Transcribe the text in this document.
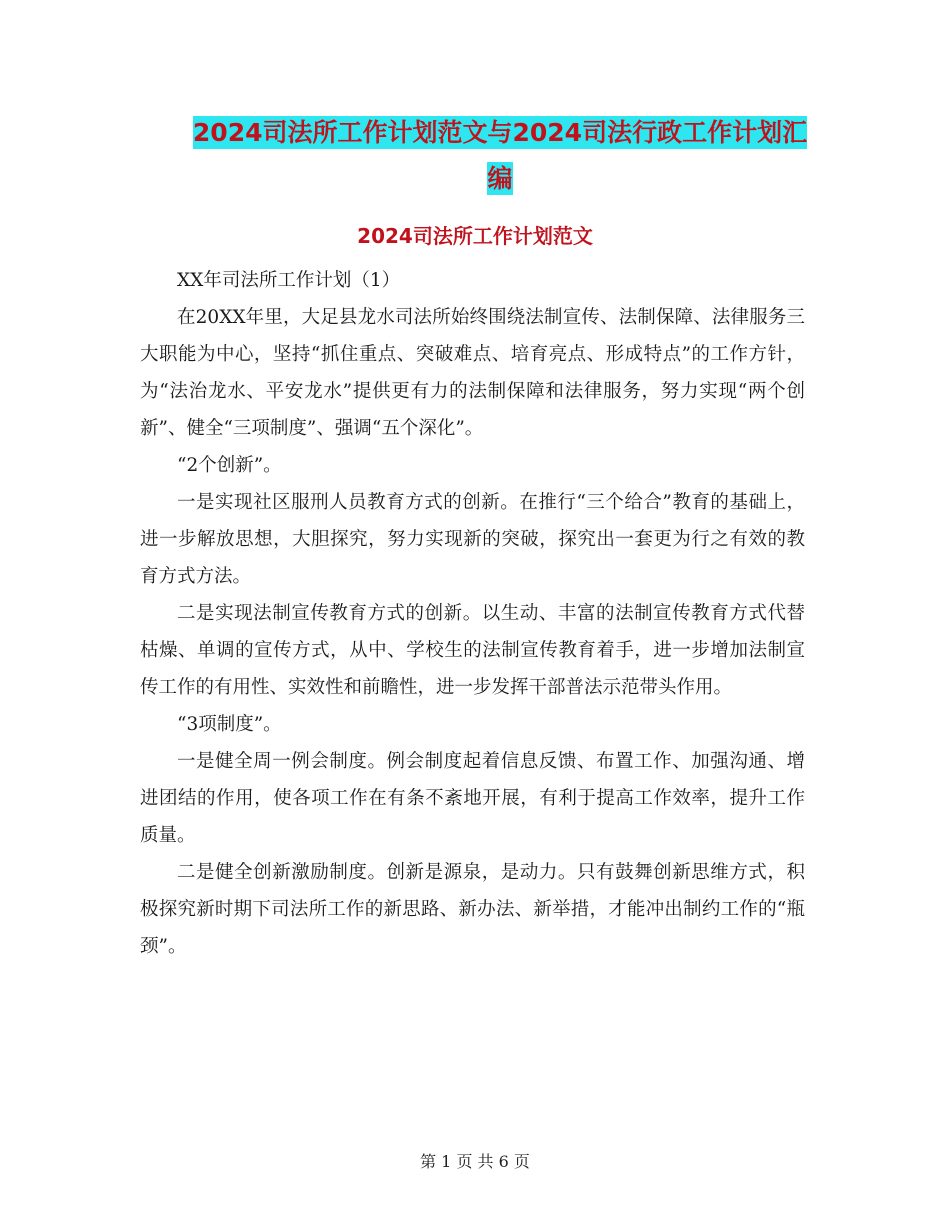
2024司法所工作计划范文与2024司法行政工作计划汇
编
2024司法所工作计划范文

XX年司法所工作计划（1）

在20XX年里，大足县龙水司法所始终围绕法制宣传、法制保障、法律服务三大职能为中心，坚持“抓住重点、突破难点、培育亮点、形成特点”的工作方针，为“法治龙水、平安龙水”提供更有力的法制保障和法律服务，努力实现“两个创新”、健全“三项制度”、强调“五个深化”。

“2个创新”。

一是实现社区服刑人员教育方式的创新。在推行“三个给合”教育的基础上，进一步解放思想，大胆探究，努力实现新的突破，探究出一套更为行之有效的教育方式方法。

二是实现法制宣传教育方式的创新。以生动、丰富的法制宣传教育方式代替枯燥、单调的宣传方式，从中、学校生的法制宣传教育着手，进一步增加法制宣传工作的有用性、实效性和前瞻性，进一步发挥干部普法示范带头作用。

“3项制度”。

一是健全周一例会制度。例会制度起着信息反馈、布置工作、加强沟通、增进团结的作用，使各项工作在有条不紊地开展，有利于提高工作效率，提升工作质量。

二是健全创新激励制度。创新是源泉，是动力。只有鼓舞创新思维方式，积极探究新时期下司法所工作的新思路、新办法、新举措，才能冲出制约工作的“瓶颈”。

第 1 页 共 6 页
